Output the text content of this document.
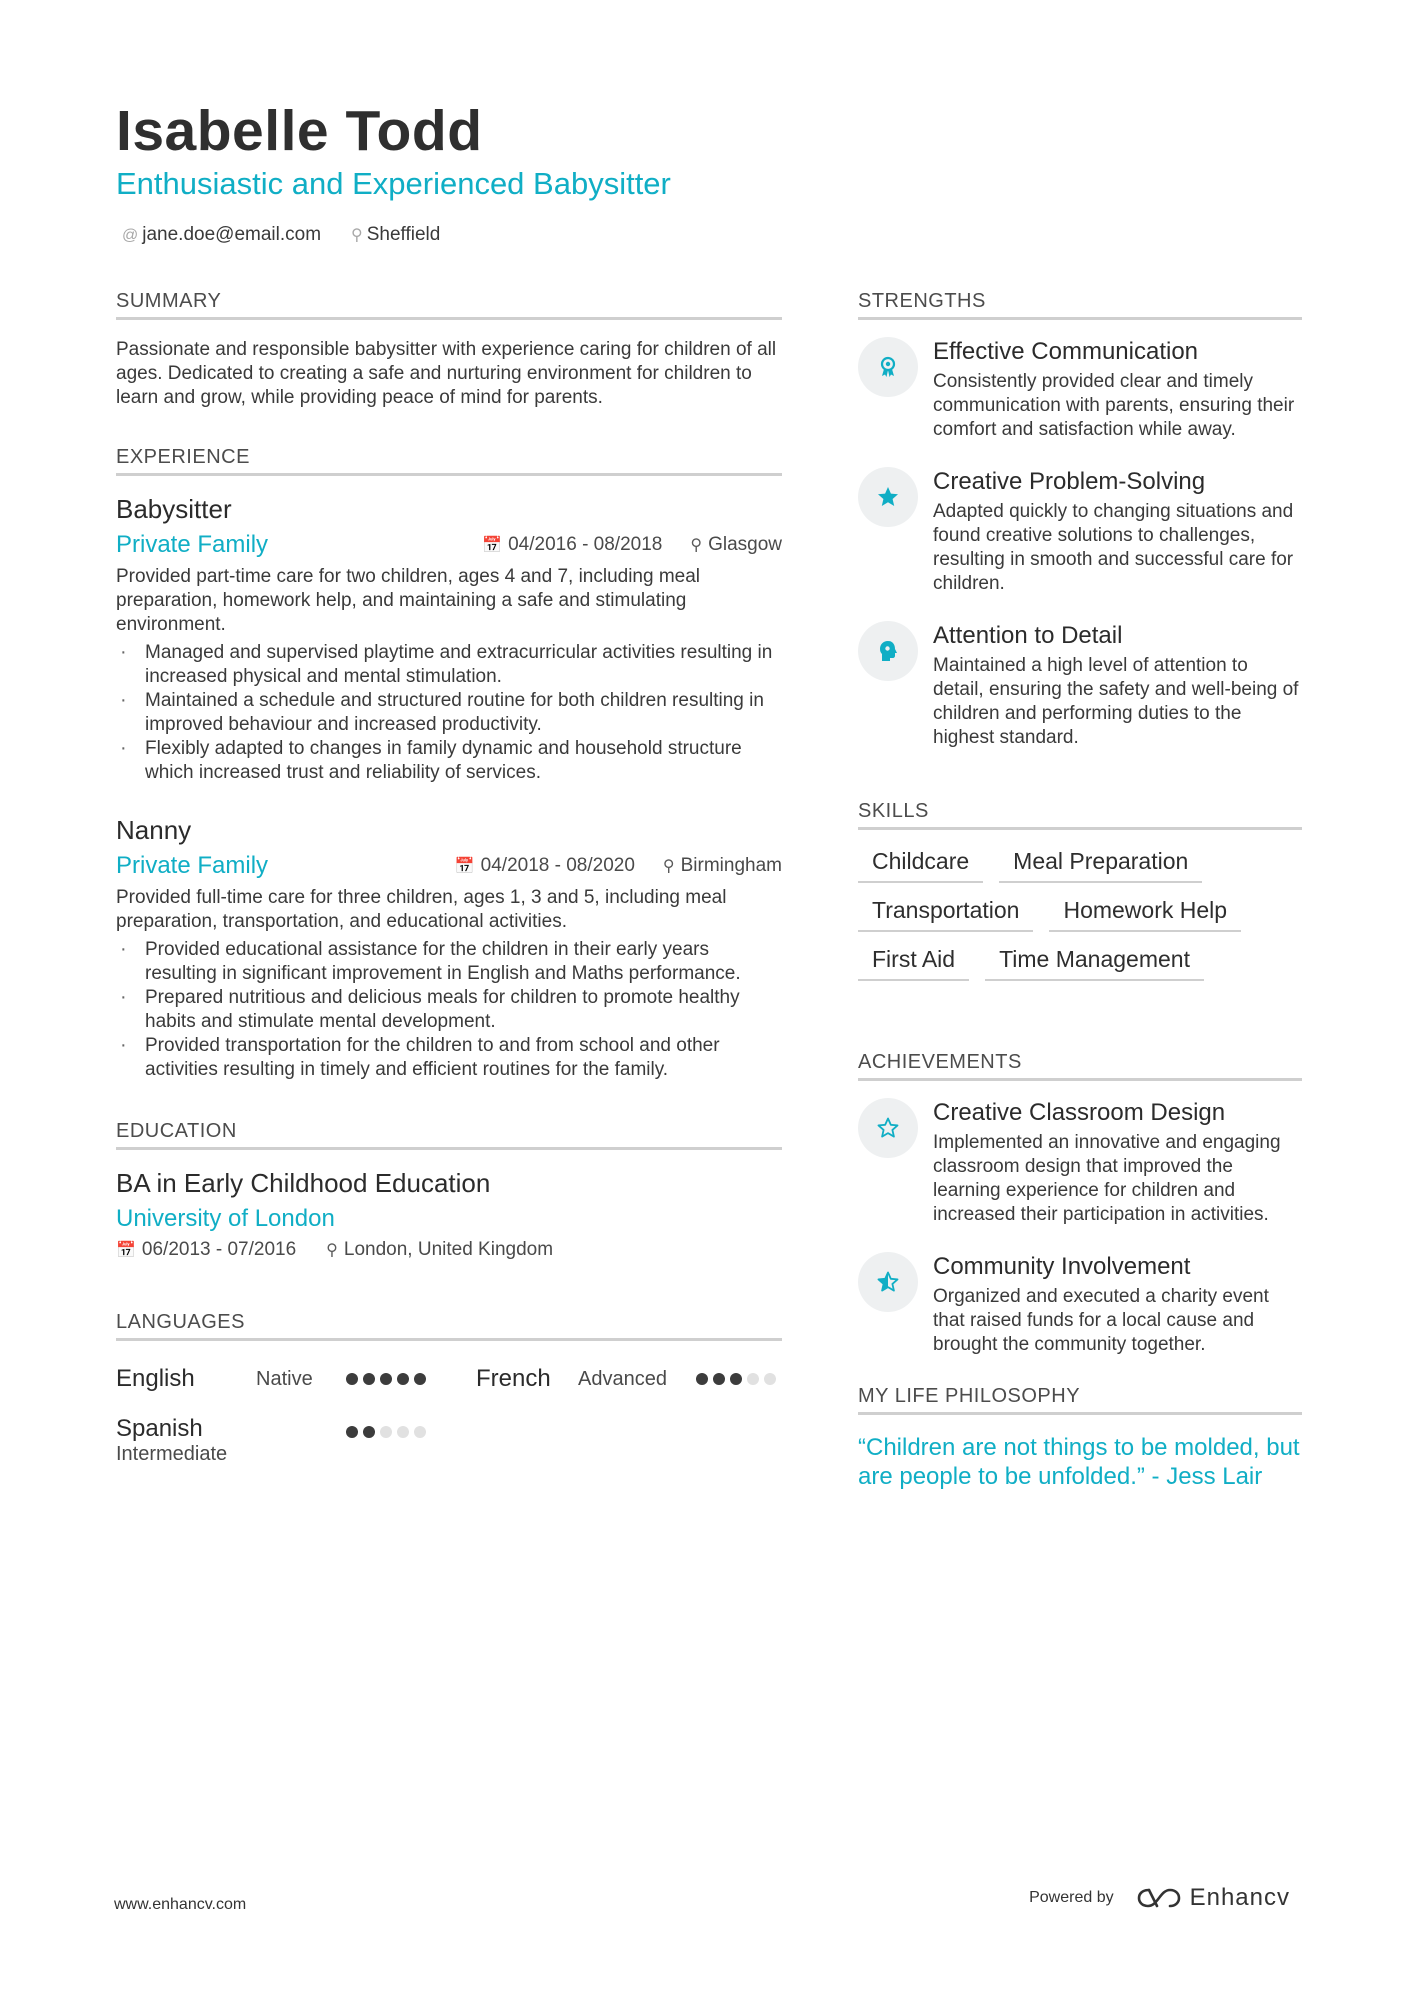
Isabelle Todd
Enthusiastic and Experienced Babysitter
@ jane.doe@email.com ⚲ Sheffield
SUMMARY
Passionate and responsible babysitter with experience caring for children of all ages. Dedicated to creating a safe and nurturing environment for children to learn and grow, while providing peace of mind for parents.
EXPERIENCE
Babysitter
Private Family	📅 04/2016 - 08/2018 ⚲ Glasgow
Provided part-time care for two children, ages 4 and 7, including meal preparation, homework help, and maintaining a safe and stimulating environment.
· Managed and supervised playtime and extracurricular activities resulting in increased physical and mental stimulation.
· Maintained a schedule and structured routine for both children resulting in improved behaviour and increased productivity.
· Flexibly adapted to changes in family dynamic and household structure which increased trust and reliability of services.
Nanny
Private Family	📅 04/2018 - 08/2020 ⚲ Birmingham
Provided full-time care for three children, ages 1, 3 and 5, including meal preparation, transportation, and educational activities.
· Provided educational assistance for the children in their early years resulting in significant improvement in English and Maths performance.
· Prepared nutritious and delicious meals for children to promote healthy habits and stimulate mental development.
· Provided transportation for the children to and from school and other activities resulting in timely and efficient routines for the family.
EDUCATION
BA in Early Childhood Education
University of London
📅 06/2013 - 07/2016 ⚲ London, United Kingdom
LANGUAGES
English	Native	French	Advanced
Spanish
Intermediate
STRENGTHS
Effective Communication
Consistently provided clear and timely communication with parents, ensuring their comfort and satisfaction while away.
Creative Problem-Solving
Adapted quickly to changing situations and found creative solutions to challenges, resulting in smooth and successful care for children.
Attention to Detail
Maintained a high level of attention to detail, ensuring the safety and well-being of children and performing duties to the highest standard.
SKILLS
Childcare	Meal Preparation
Transportation	Homework Help
First Aid	Time Management
ACHIEVEMENTS
Creative Classroom Design
Implemented an innovative and engaging classroom design that improved the learning experience for children and increased their participation in activities.
Community Involvement
Organized and executed a charity event that raised funds for a local cause and brought the community together.
MY LIFE PHILOSOPHY
“Children are not things to be molded, but are people to be unfolded.” - Jess Lair
www.enhancv.com	Powered by	Enhancv
